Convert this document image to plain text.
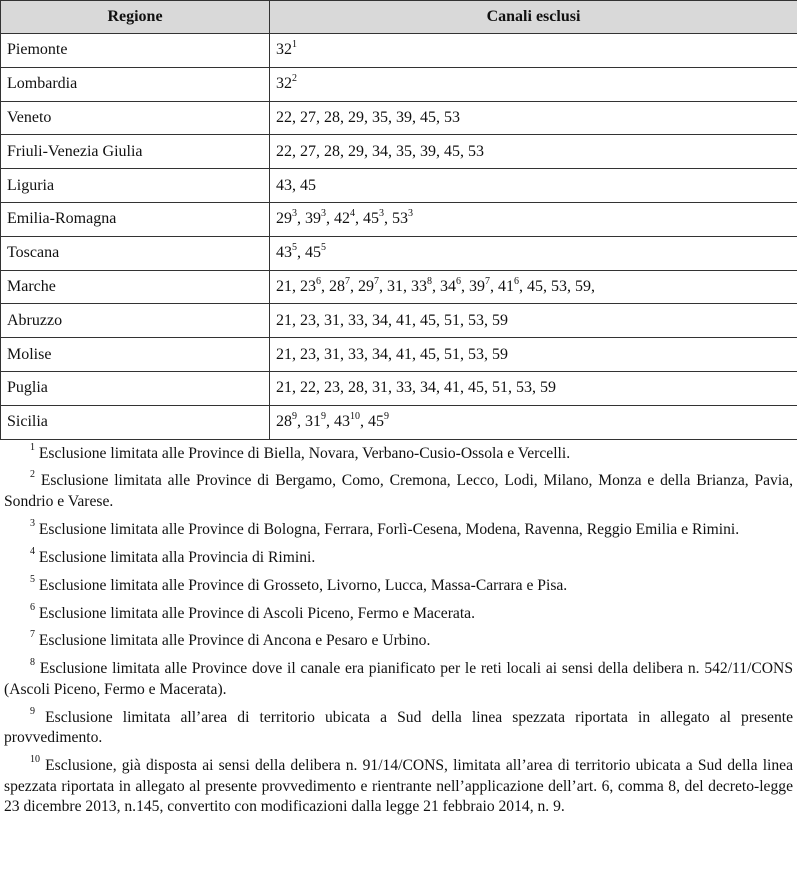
Regione	Canali esclusi
Piemonte	$32^1$
Lombardia	$32^2$
Veneto	22, 27, 28, 29, 35, 39, 45, 53
Friuli-Venezia Giulia	22, 27, 28, 29, 34, 35, 39, 45, 53
Liguria	43, 45
Emilia-Romagna	$29^3$, $39^3$, $42^4$, $45^3$, $53^3$
Toscana	$43^5$, $45^5$
Marche	21, $23^6$, $28^7$, $29^7$, 31, $33^8$, $34^6$, $39^7$, $41^6$, 45, 53, 59,
Abruzzo	21, 23, 31, 33, 34, 41, 45, 51, 53, 59
Molise	21, 23, 31, 33, 34, 41, 45, 51, 53, 59
Puglia	21, 22, 23, 28, 31, 33, 34, 41, 45, 51, 53, 59
Sicilia	$28^9$, $31^9$, $43^{10}$, $45^9$

$^1$ Esclusione limitata alle Province di Biella, Novara, Verbano-Cusio-Ossola e Vercelli.

$^2$ Esclusione limitata alle Province di Bergamo, Como, Cremona, Lecco, Lodi, Milano, Monza e della Brianza, Pavia, Sondrio e Varese.

$^3$ Esclusione limitata alle Province di Bologna, Ferrara, Forlì-Cesena, Modena, Ravenna, Reggio Emilia e Rimini.

$^4$ Esclusione limitata alla Provincia di Rimini.

$^5$ Esclusione limitata alle Province di Grosseto, Livorno, Lucca, Massa-Carrara e Pisa.

$^6$ Esclusione limitata alle Province di Ascoli Piceno, Fermo e Macerata.

$^7$ Esclusione limitata alle Province di Ancona e Pesaro e Urbino.

$^8$ Esclusione limitata alle Province dove il canale era pianificato per le reti locali ai sensi della delibera n. 542/11/CONS (Ascoli Piceno, Fermo e Macerata).

$^9$ Esclusione limitata all’area di territorio ubicata a Sud della linea spezzata riportata in allegato al presente provvedimento.

$^{10}$ Esclusione, già disposta ai sensi della delibera n. 91/14/CONS, limitata all’area di territorio ubicata a Sud della linea spezzata riportata in allegato al presente provvedimento e rientrante nell’applicazione dell’art. 6, comma 8, del decreto-legge 23 dicembre 2013, n.145, convertito con modificazioni dalla legge 21 febbraio 2014, n. 9.
